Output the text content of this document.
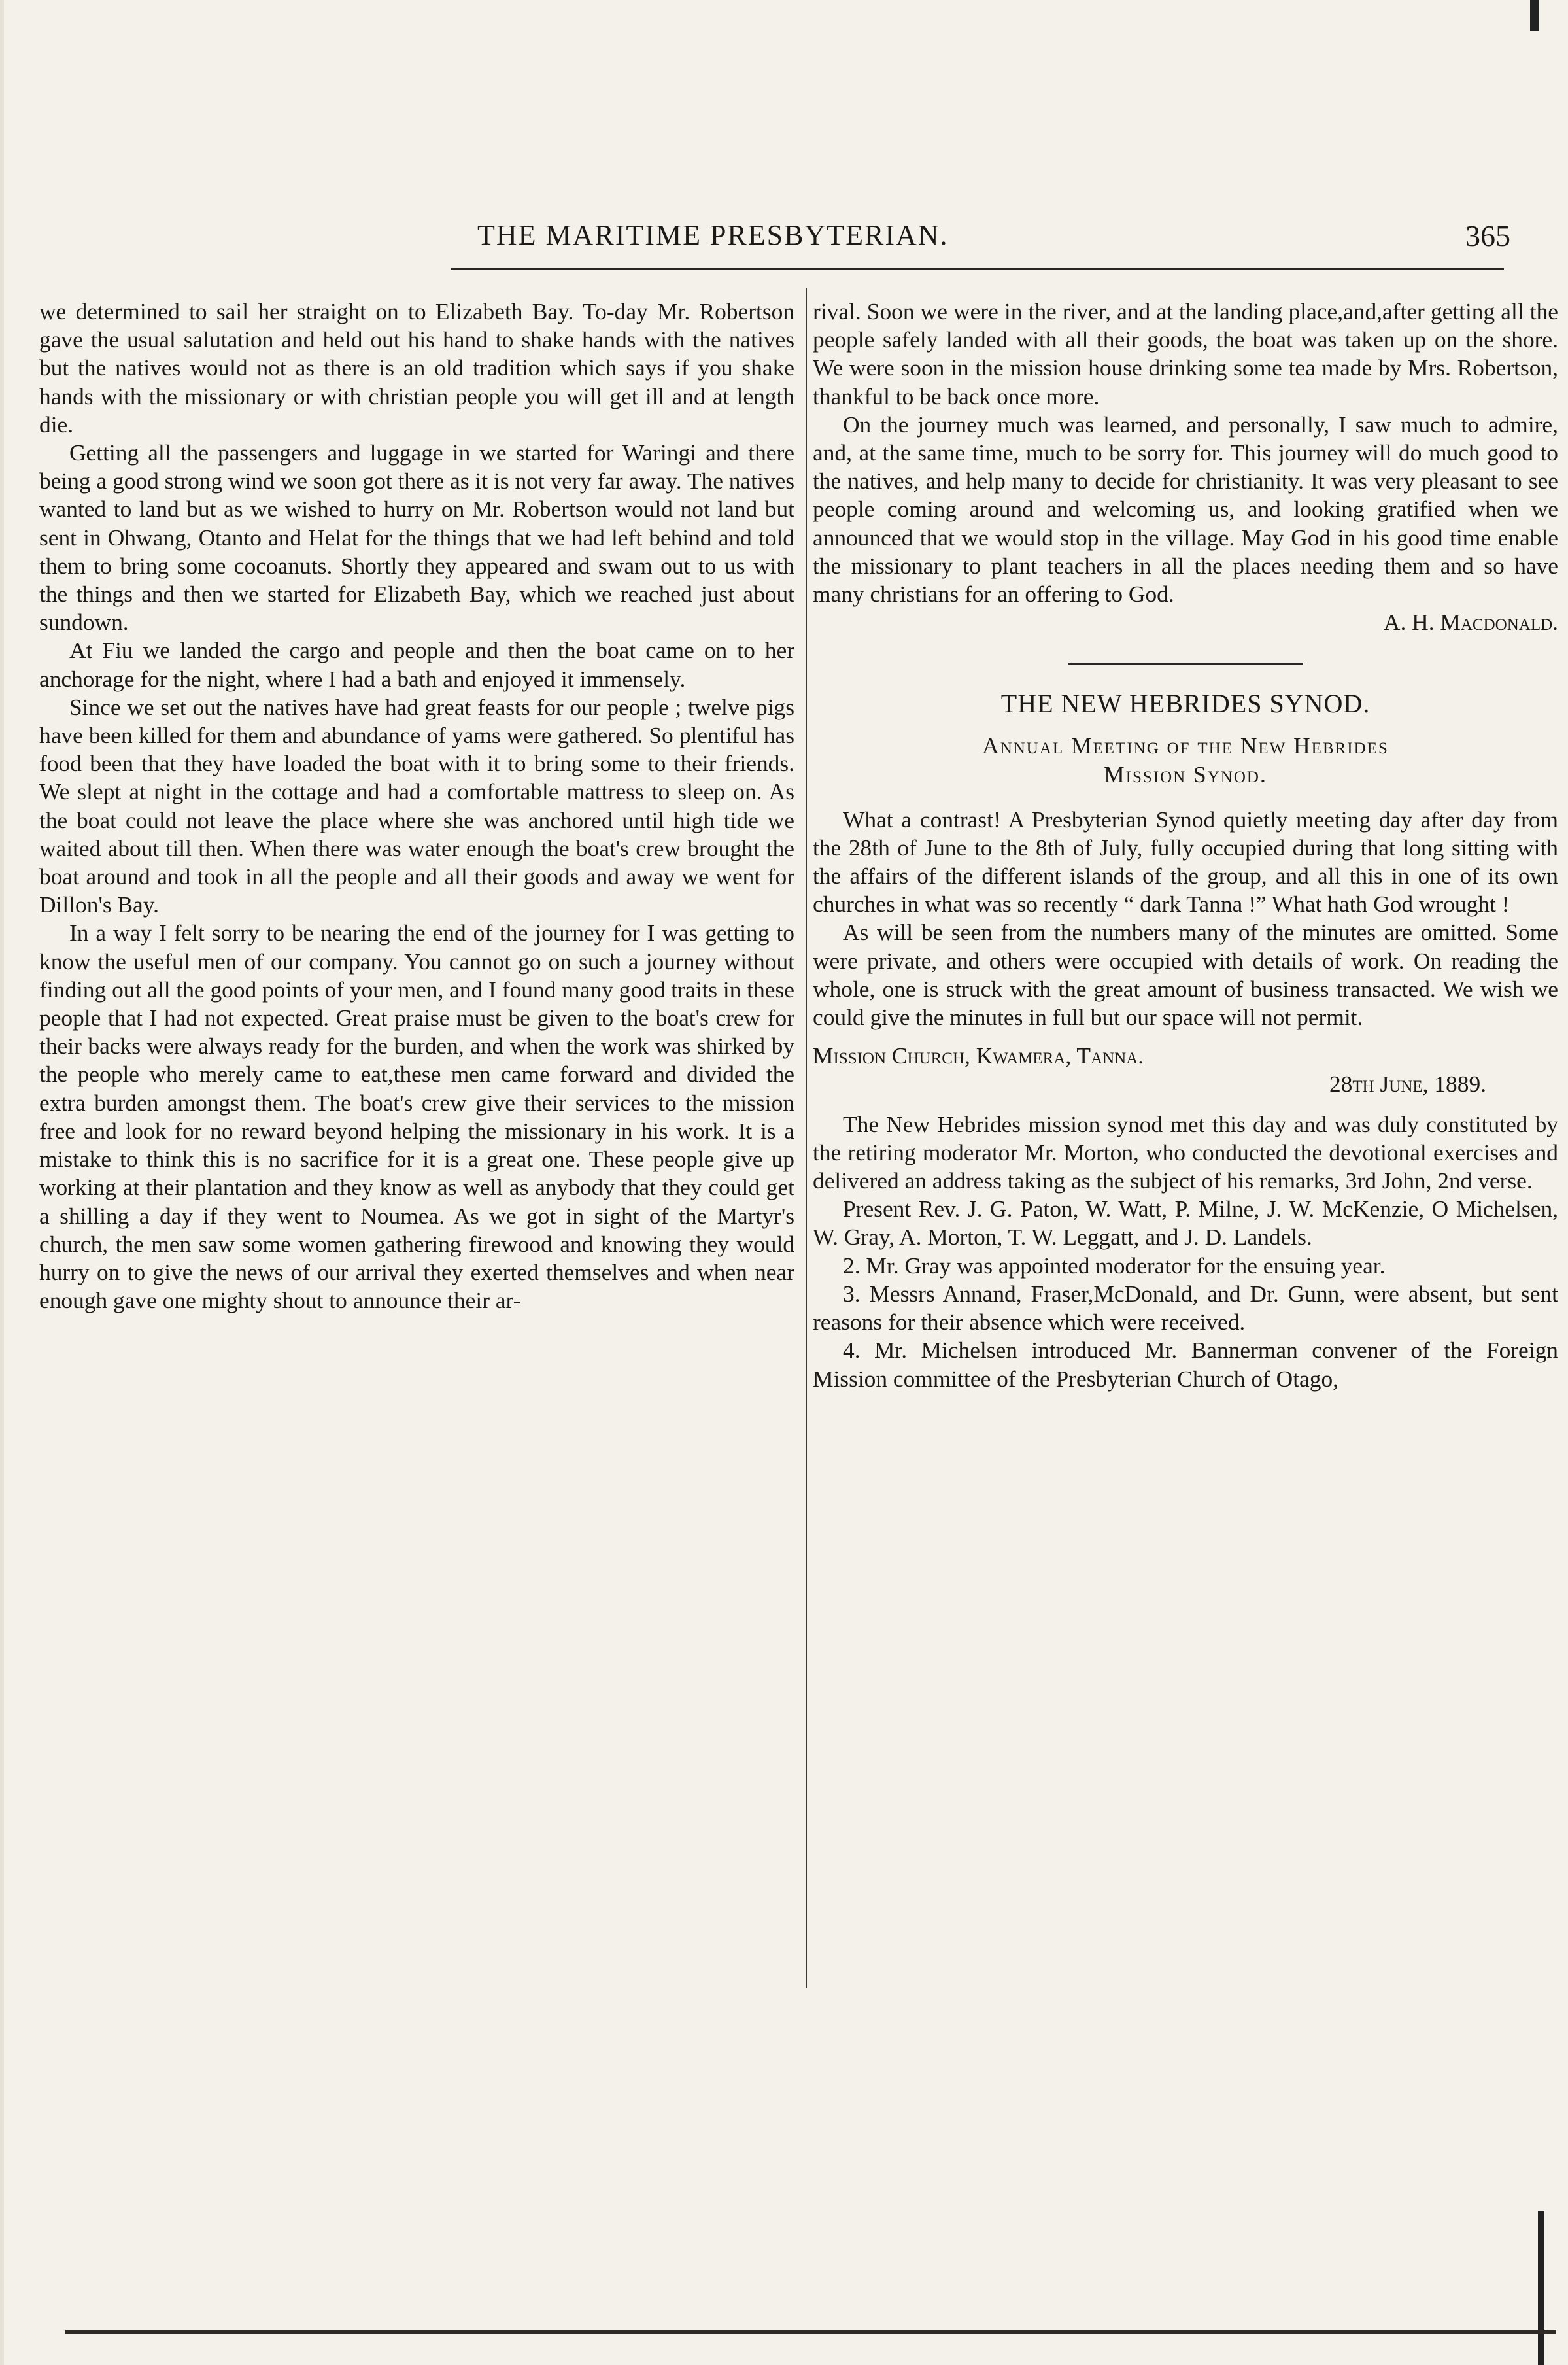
THE MARITIME PRESBYTERIAN.	365

we determined to sail her straight on to Elizabeth Bay. To-day Mr. Robertson gave the usual salutation and held out his hand to shake hands with the natives but the natives would not as there is an old tradition which says if you shake hands with the missionary or with christian people you will get ill and at length die.

Getting all the passengers and luggage in we started for Waringi and there being a good strong wind we soon got there as it is not very far away. The natives wanted to land but as we wished to hurry on Mr. Robertson would not land but sent in Ohwang, Otanto and Helat for the things that we had left behind and told them to bring some cocoanuts. Shortly they appeared and swam out to us with the things and then we started for Elizabeth Bay, which we reached just about sundown.

At Fiu we landed the cargo and people and then the boat came on to her anchorage for the night, where I had a bath and enjoyed it immensely.

Since we set out the natives have had great feasts for our people ; twelve pigs have been killed for them and abundance of yams were gathered. So plentiful has food been that they have loaded the boat with it to bring some to their friends. We slept at night in the cottage and had a comfortable mattress to sleep on. As the boat could not leave the place where she was anchored until high tide we waited about till then. When there was water enough the boat's crew brought the boat around and took in all the people and all their goods and away we went for Dillon's Bay.

In a way I felt sorry to be nearing the end of the journey for I was getting to know the useful men of our company. You cannot go on such a journey without finding out all the good points of your men, and I found many good traits in these people that I had not expected. Great praise must be given to the boat's crew for their backs were always ready for the burden, and when the work was shirked by the people who merely came to eat,these men came forward and divided the extra burden amongst them. The boat's crew give their services to the mission free and look for no reward beyond helping the missionary in his work. It is a mistake to think this is no sacrifice for it is a great one. These people give up working at their plantation and they know as well as anybody that they could get a shilling a day if they went to Noumea. As we got in sight of the Martyr's church, the men saw some women gathering firewood and knowing they would hurry on to give the news of our arrival they exerted themselves and when near enough gave one mighty shout to announce their ar-

rival. Soon we were in the river, and at the landing place,and,after getting all the people safely landed with all their goods, the boat was taken up on the shore. We were soon in the mission house drinking some tea made by Mrs. Robertson, thankful to be back once more.

On the journey much was learned, and personally, I saw much to admire, and, at the same time, much to be sorry for. This journey will do much good to the natives, and help many to decide for christianity. It was very pleasant to see people coming around and welcoming us, and looking gratified when we announced that we would stop in the village. May God in his good time enable the missionary to plant teachers in all the places needing them and so have many christians for an offering to God.

A. H. Macdonald.

THE NEW HEBRIDES SYNOD.
Annual Meeting of the New Hebrides
Mission Synod.

What a contrast! A Presbyterian Synod quietly meeting day after day from the 28th of June to the 8th of July, fully occupied during that long sitting with the affairs of the different islands of the group, and all this in one of its own churches in what was so recently “ dark Tanna !” What hath God wrought !

As will be seen from the numbers many of the minutes are omitted. Some were private, and others were occupied with details of work. On reading the whole, one is struck with the great amount of business transacted. We wish we could give the minutes in full but our space will not permit.

Mission Church, Kwamera, Tanna.
28th June, 1889.

The New Hebrides mission synod met this day and was duly constituted by the retiring moderator Mr. Morton, who conducted the devotional exercises and delivered an address taking as the subject of his remarks, 3rd John, 2nd verse.

Present Rev. J. G. Paton, W. Watt, P. Milne, J. W. McKenzie, O Michelsen, W. Gray, A. Morton, T. W. Leggatt, and J. D. Landels.

2. Mr. Gray was appointed moderator for the ensuing year.

3. Messrs Annand, Fraser,McDonald, and Dr. Gunn, were absent, but sent reasons for their absence which were received.

4. Mr. Michelsen introduced Mr. Bannerman convener of the Foreign Mission committee of the Presbyterian Church of Otago,
